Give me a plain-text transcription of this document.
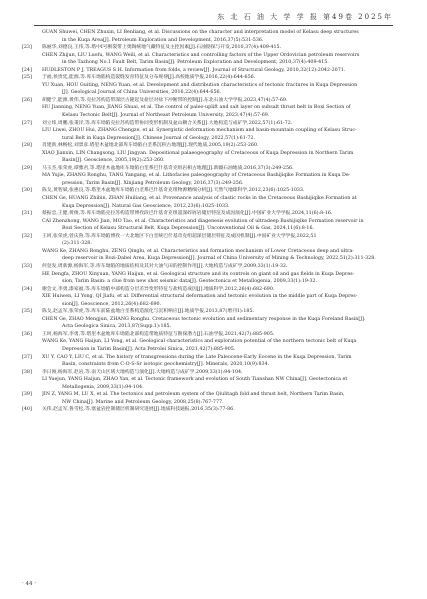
东 北 石 油 大 学 学 报 第49卷 2025年
GUAN Shuwei, CHEN Zhuxin, LI Benliang, et al. Discussions on the character and interpretation model of Kelasu deep structures
in the Kuqa Area[J]. Petroleum Exploration and Development, 2016,37(5):531-536.
[23]	陈丽华,刘德良,王伟,等.塔中Ⅰ号断裂带上奥陶统地气藏特征及主控因素[J].石油勘探与开发,2010,37(4):409-415.
CHEN Zhijun, LIU Luofu, WANG Weili, et al. Characteristics and controlling factors of the Upper Ordovician petroleum reservoirs
in the Tazhong No.1 Fault Belt, Tarim Basin[J]. Petroleum Exploration and Development, 2010,37(4):409-415.
[24]	HUDLESTON P J, TREAGUS S H. Information from folds, a review[J]. Journal of Structural Geology, 2010,32(12):2042-2071.
[25]	于福,侯贵廷,能源,等.库车坳陷构造裂缝发育特征及分布规律[J].高校地质学报,2016,22(4):644-656.
YU Xuan, HOU Guiting, NENG Yuan, et al. Development and distribution characteristics of tectonic fractures in Kuqa Depression
[J]. Geological Journal of China Universities, 2016,22(4):644-656.
[26]	胡健宁,能源,黄伟,等.克拉苏构造带深层古隆起及盐层对盐下冲断带的控制[J].东北石油大学学报,2023,47(4):57-69.
HU Jianning, NENG Yuan, JIANG Shuai, et al. The control of paleo-uplift and salt layer on subsalt thrust belt in Boxi Section of
Kelasu Tectonic Belt[J]. Journal of Northeast Petroleum University, 2023,47(4):57-69.
[27]	刘立炜,周鹏,张秉洋,等.库车坳陷克拉苏构造带协同变形机制及盆山耦合关系[J].大地构造与成矿学,2022,57(1):61-72.
LIU Liwei, ZHOU Hui, ZHANG Chengze, et al. Synergistic deformation mechanism and basin-mountain coupling of Kelasu Struc-
tural Belt in Kuqa Depression[J]. Chinese Journal of Geology, 2022,57(1):61-72.
[28]	肖建新,林畅松,刘景彦.塔里木盆地北部库车坳陷白垩系沉积古地理[J].现代地质,2005,19(2):253-260.
XIAO Jianxin, LIN Changsong, LIU Jingyan. Depositional palaeogeography of Cretaceous of Kuqa Depression in Northern Tarim
Basin[J]. Geoscience, 2005,19(2):253-260.
[29]	马玉杰,张荣虎,谭雅君,等.塔里木盆地库车坳陷白垩系巴什基奇克组岩相古地理[J].新疆石油地质,2016,37(3):249-256.
MA Yujie, ZHANG Ronghu, TANG Yangang, et al. Lithofacies paleogeography of Cretaceous Bashijiqike Formation in Kuqa De-
pression, Tarim Basin[J]. Xinjiang Petroleum Geology, 2016,37(3):249-256.
[30]	陈戈,黄智斌,张惠良,等.塔里木盆地库车坳陷白垩系巴什基奇克组物源精细分析[J].天然气地球科学,2012,23(6):1025-1033.
CHEN Ge, HUANG Zhibin, ZHAN Huiliang, et al. Provenance analysis of clastic rocks in the Cretaceous Bashijiqike Formation at
Kuqa Depression[J]. Natural Gas Geoscience, 2012,23(6):1025-1033.
[31]	蔡振忠,王健,黄俊,等.库车坳陷克拉苏构造带博孜段巴什基奇克组超深碎屑岩储层特征及成因演化[J].中国矿业大学学报,2024,11(6):8-16.
CAI Zhenzhong, WANG Jian, MO Tao, et al. Characteristics and diagenesis evolution of ultradeep Bashijiqike Formation reservoir in
Bozi Section of Kelasu Structural Belt, Kuqa Depression[J]. Unconventional Oil & Gas, 2024,11(6):8-16.
[32]	王珂,张荣虎,曾庆鲁,等.库车坳陷博孜一大北地区下白垩统巴什基奇克组超深层储层特征及成因机制[J].中国矿业大学学报,2022,51
(2):311-328.
WANG Ke, ZHANG Ronghu, ZENG Qinglu, et al. Characteristics and formation mechanism of Lower Cretaceous deep and ultra-
deep reservoir in Bozi-Dabei Area, Kuqa Depression[J]. Journal of China University of Mining & Technology, 2022,51(2):311-328.
[33]	何登发,周新源,杨海军,等.库车坳陷的地质结构及其对大油气田的控制作用[J].大地构造与成矿学,2009,33(1):19-32.
HE Dengfa, ZHOU Xinyuan, YANG Haijun, et al. Geological structure and its controls on giant oil and gas fields in Kuqa Depres-
sion, Tarim Basin: a clue from new shot seismic data[J]. Geotectonica et Metallogenia, 2009,33(1):19-32.
[34]	谢会文,李勇,漆家福,等.库车坳陷中部构造分层差异变形特征与盐构造成因[J].地质科学,2012,26(4):682-690.
XIE Huiwen, LI Yong, QI Jiafu, et al. Differential structural deformation and tectonic evolution in the middle part of Kuqa Depres-
sion[J]. Geoscience, 2012,26(4):682-690.
[35]	陈戈,赵孟军,张荣虎,等.库车前陆盆地白垩系构造演化与沉积响应[J].地质学报,2013,87(增刊1):185.
CHEN Ge, ZHAO Mengjun, ZHANG Ronghu. Cretaceous tectonic evolution and sedimentary response in the Kuqa Foreland Basin[J].
Acta Geologica Sinica, 2013,87(Supp.1):185.
[36]	王珂,杨海军,李勇,等.塔里木盆地库车坳陷北部构造带地质特征与勘探潜力[J].石油学报,2021,42(7):885-905.
WANG Ke, YANG Haijun, LI Yong, et al. Geological characteristics and exploration potential of the northern tectonic belt of Kuqa
Depression in Tarim Basin[J]. Acta Petrolei Sinica, 2021,42(7):885-905.
[37]	XU Y, CAO Y, LIU C, et al. The history of transgressions during the Late Paleocene-Early Eocene in the Kuqa Depression, Tarim
Basin, constraints from C-O-S-Sr isotopic geochemistry[J]. Minerals, 2020,10(9):834.
[38]	李曰俊,杨海军,赵岩,等.南天山区域大地构造与演化[J].大地构造与成矿学,2009,33(1):94-104.
LI Yuejun, YANG Haijun, ZHAO Yan, et al. Tectonic framework and evolution of South Tianshan NW China[J]. Geotectonica et
Metallogenia, 2009,33(1):94-104.
[39]	JIN Z, YANG M, LU X, et al. The tectonics and petroleum system of the Qiulitagh fold and thrust belt, Northern Tarim Basin,
NW China[J]. Marine and Petroleum Geology, 2008,25(8):767-777.
[40]	关伟,赵孟军,鲁雪松,等.塞盆岩控制储层机制研究进展[J].地质科技通报,2016,35(3):77-86.
· 44 ·
